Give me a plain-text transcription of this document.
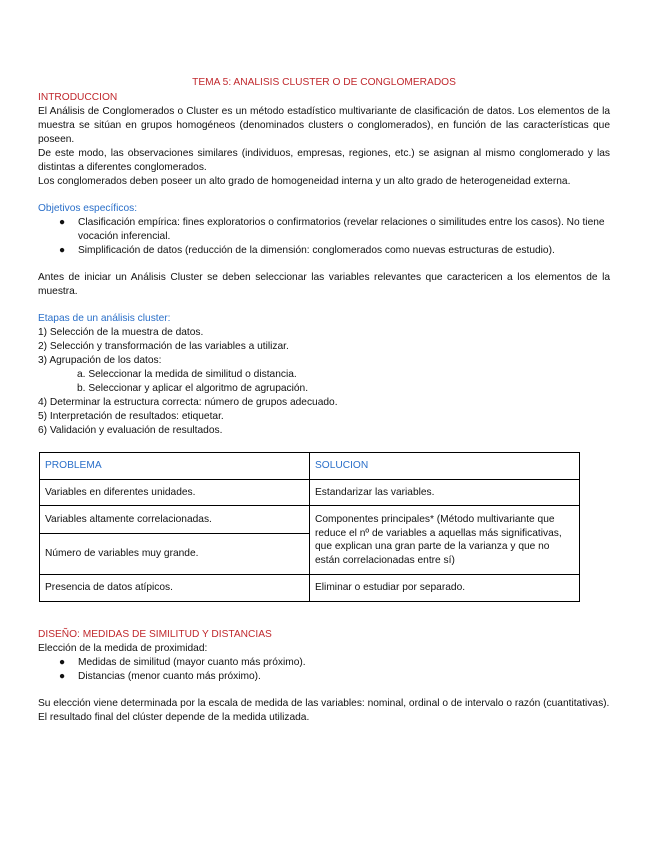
TEMA 5: ANALISIS CLUSTER O DE CONGLOMERADOS
INTRODUCCION

El Análisis de Conglomerados o Cluster es un método estadístico multivariante de clasificación de datos. Los elementos de la muestra se sitúan en grupos homogéneos (denominados clusters o conglomerados), en función de las características que poseen.

De este modo, las observaciones similares (individuos, empresas, regiones, etc.) se asignan al mismo conglomerado y las distintas a diferentes conglomerados.

Los conglomerados deben poseer un alto grado de homogeneidad interna y un alto grado de heterogeneidad externa.

Objetivos específicos:
● Clasificación empírica: fines exploratorios o confirmatorios (revelar relaciones o similitudes entre los casos). No tiene vocación inferencial.
● Simplificación de datos (reducción de la dimensión: conglomerados como nuevas estructuras de estudio).

Antes de iniciar un Análisis Cluster se deben seleccionar las variables relevantes que caractericen a los elementos de la muestra.

Etapas de un análisis cluster:

1) Selección de la muestra de datos.

2) Selección y transformación de las variables a utilizar.

3) Agrupación de los datos:

a. Seleccionar la medida de similitud o distancia.

b. Seleccionar y aplicar el algoritmo de agrupación.

4) Determinar la estructura correcta: número de grupos adecuado.

5) Interpretación de resultados: etiquetar.

6) Validación y evaluación de resultados.

PROBLEMA	SOLUCION
Variables en diferentes unidades.	Estandarizar las variables.
Variables altamente correlacionadas.	Componentes principales* (Método multivariante que reduce el nº de variables a aquellas más significativas, que explican una gran parte de la varianza y que no están correlacionadas entre sí)
Número de variables muy grande.	
Presencia de datos atípicos.	Eliminar o estudiar por separado.
DISEÑO: MEDIDAS DE SIMILITUD Y DISTANCIAS

Elección de la medida de proximidad:

● Medidas de similitud (mayor cuanto más próximo).
● Distancias (menor cuanto más próximo).

Su elección viene determinada por la escala de medida de las variables: nominal, ordinal o de intervalo o razón (cuantitativas).

El resultado final del clúster depende de la medida utilizada.
